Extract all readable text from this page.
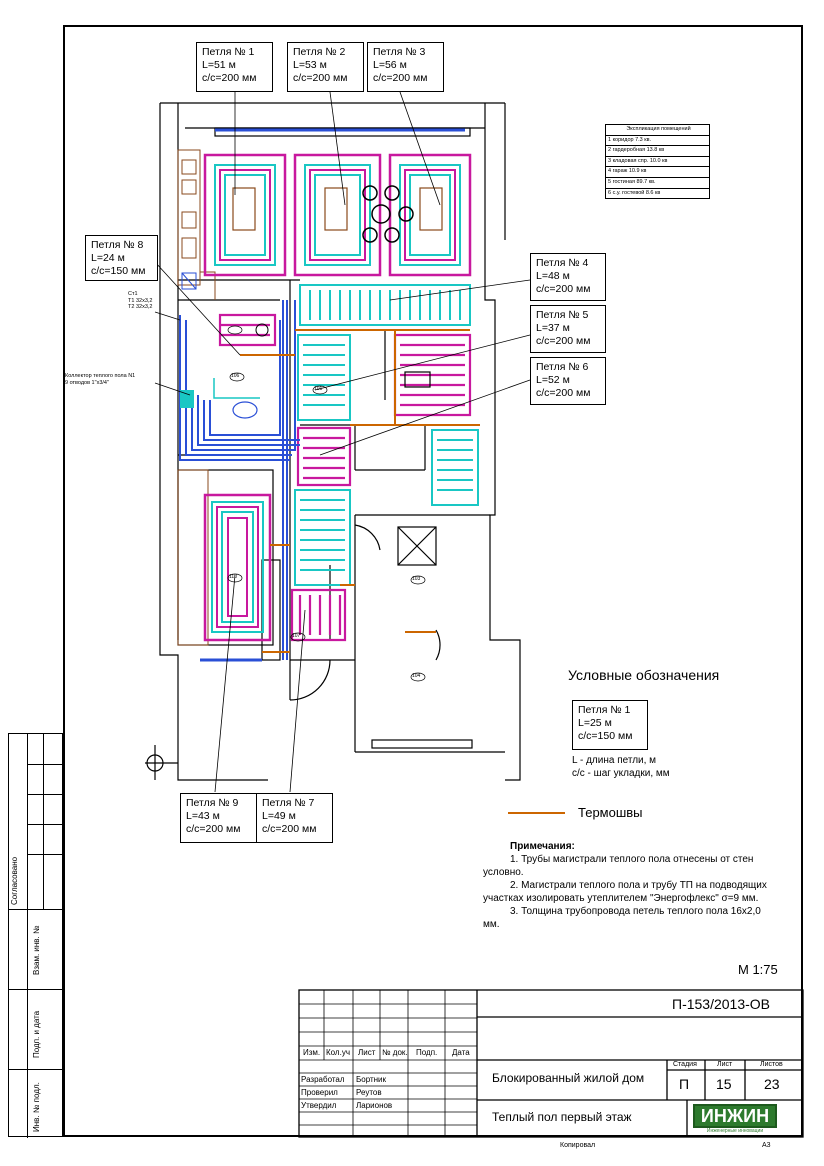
Согласовано
Взам. инв. №
Подп. и дата
Инв. № подл.
106
101
103
104
110
107
Петля № 1
L=51 м
с/с=200 мм
Петля № 2
L=53 м
с/с=200 мм
Петля № 3
L=56 м
с/с=200 мм
Петля № 8
L=24 м
с/с=150 мм
Петля № 4
L=48 м
с/с=200 мм
Петля № 5
L=37 м
с/с=200 мм
Петля № 6
L=52 м
с/с=200 мм
Петля № 9
L=43 м
с/с=200 мм
Петля № 7
L=49 м
с/с=200 мм
Ст1
Т1 32х3,2
Т2 32х3,2
Коллектор теплого пола N1
9 отводов 1"х3/4"
Экспликация помещений
1 коридор 7.3 кв.
2 гардеробная 13.8 кв
3 кладовая спр. 10.0 кв
4 гараж 10.9 кв
5 гостиная 89.7 кв.
6 с.у. гостевой 8.6 кв
Условные обозначения
Петля № 1
L=25 м
с/с=150 мм
L - длина петли, м
с/с - шаг укладки, мм
Термошвы
Примечания:
1. Трубы магистрали теплого пола отнесены от стен условно.
2. Магистрали теплого пола и трубу ТП на подводящих участках изолировать утеплителем "Энергофлекс" σ=9 мм.
3. Толщина трубопровода петель теплого пола 16х2,0 мм.
М 1:75
Изм. Кол.уч Лист № док. Подп. Дата
Разработал Бортник
Проверил Реутов
Утвердил Ларионов
П-153/2013-ОВ
Блокированный жилой дом
Теплый пол первый этаж
Стадия	Лист	Листов
П 15 23
ИНЖИН
Инженерные инновации
Копировал	А3
